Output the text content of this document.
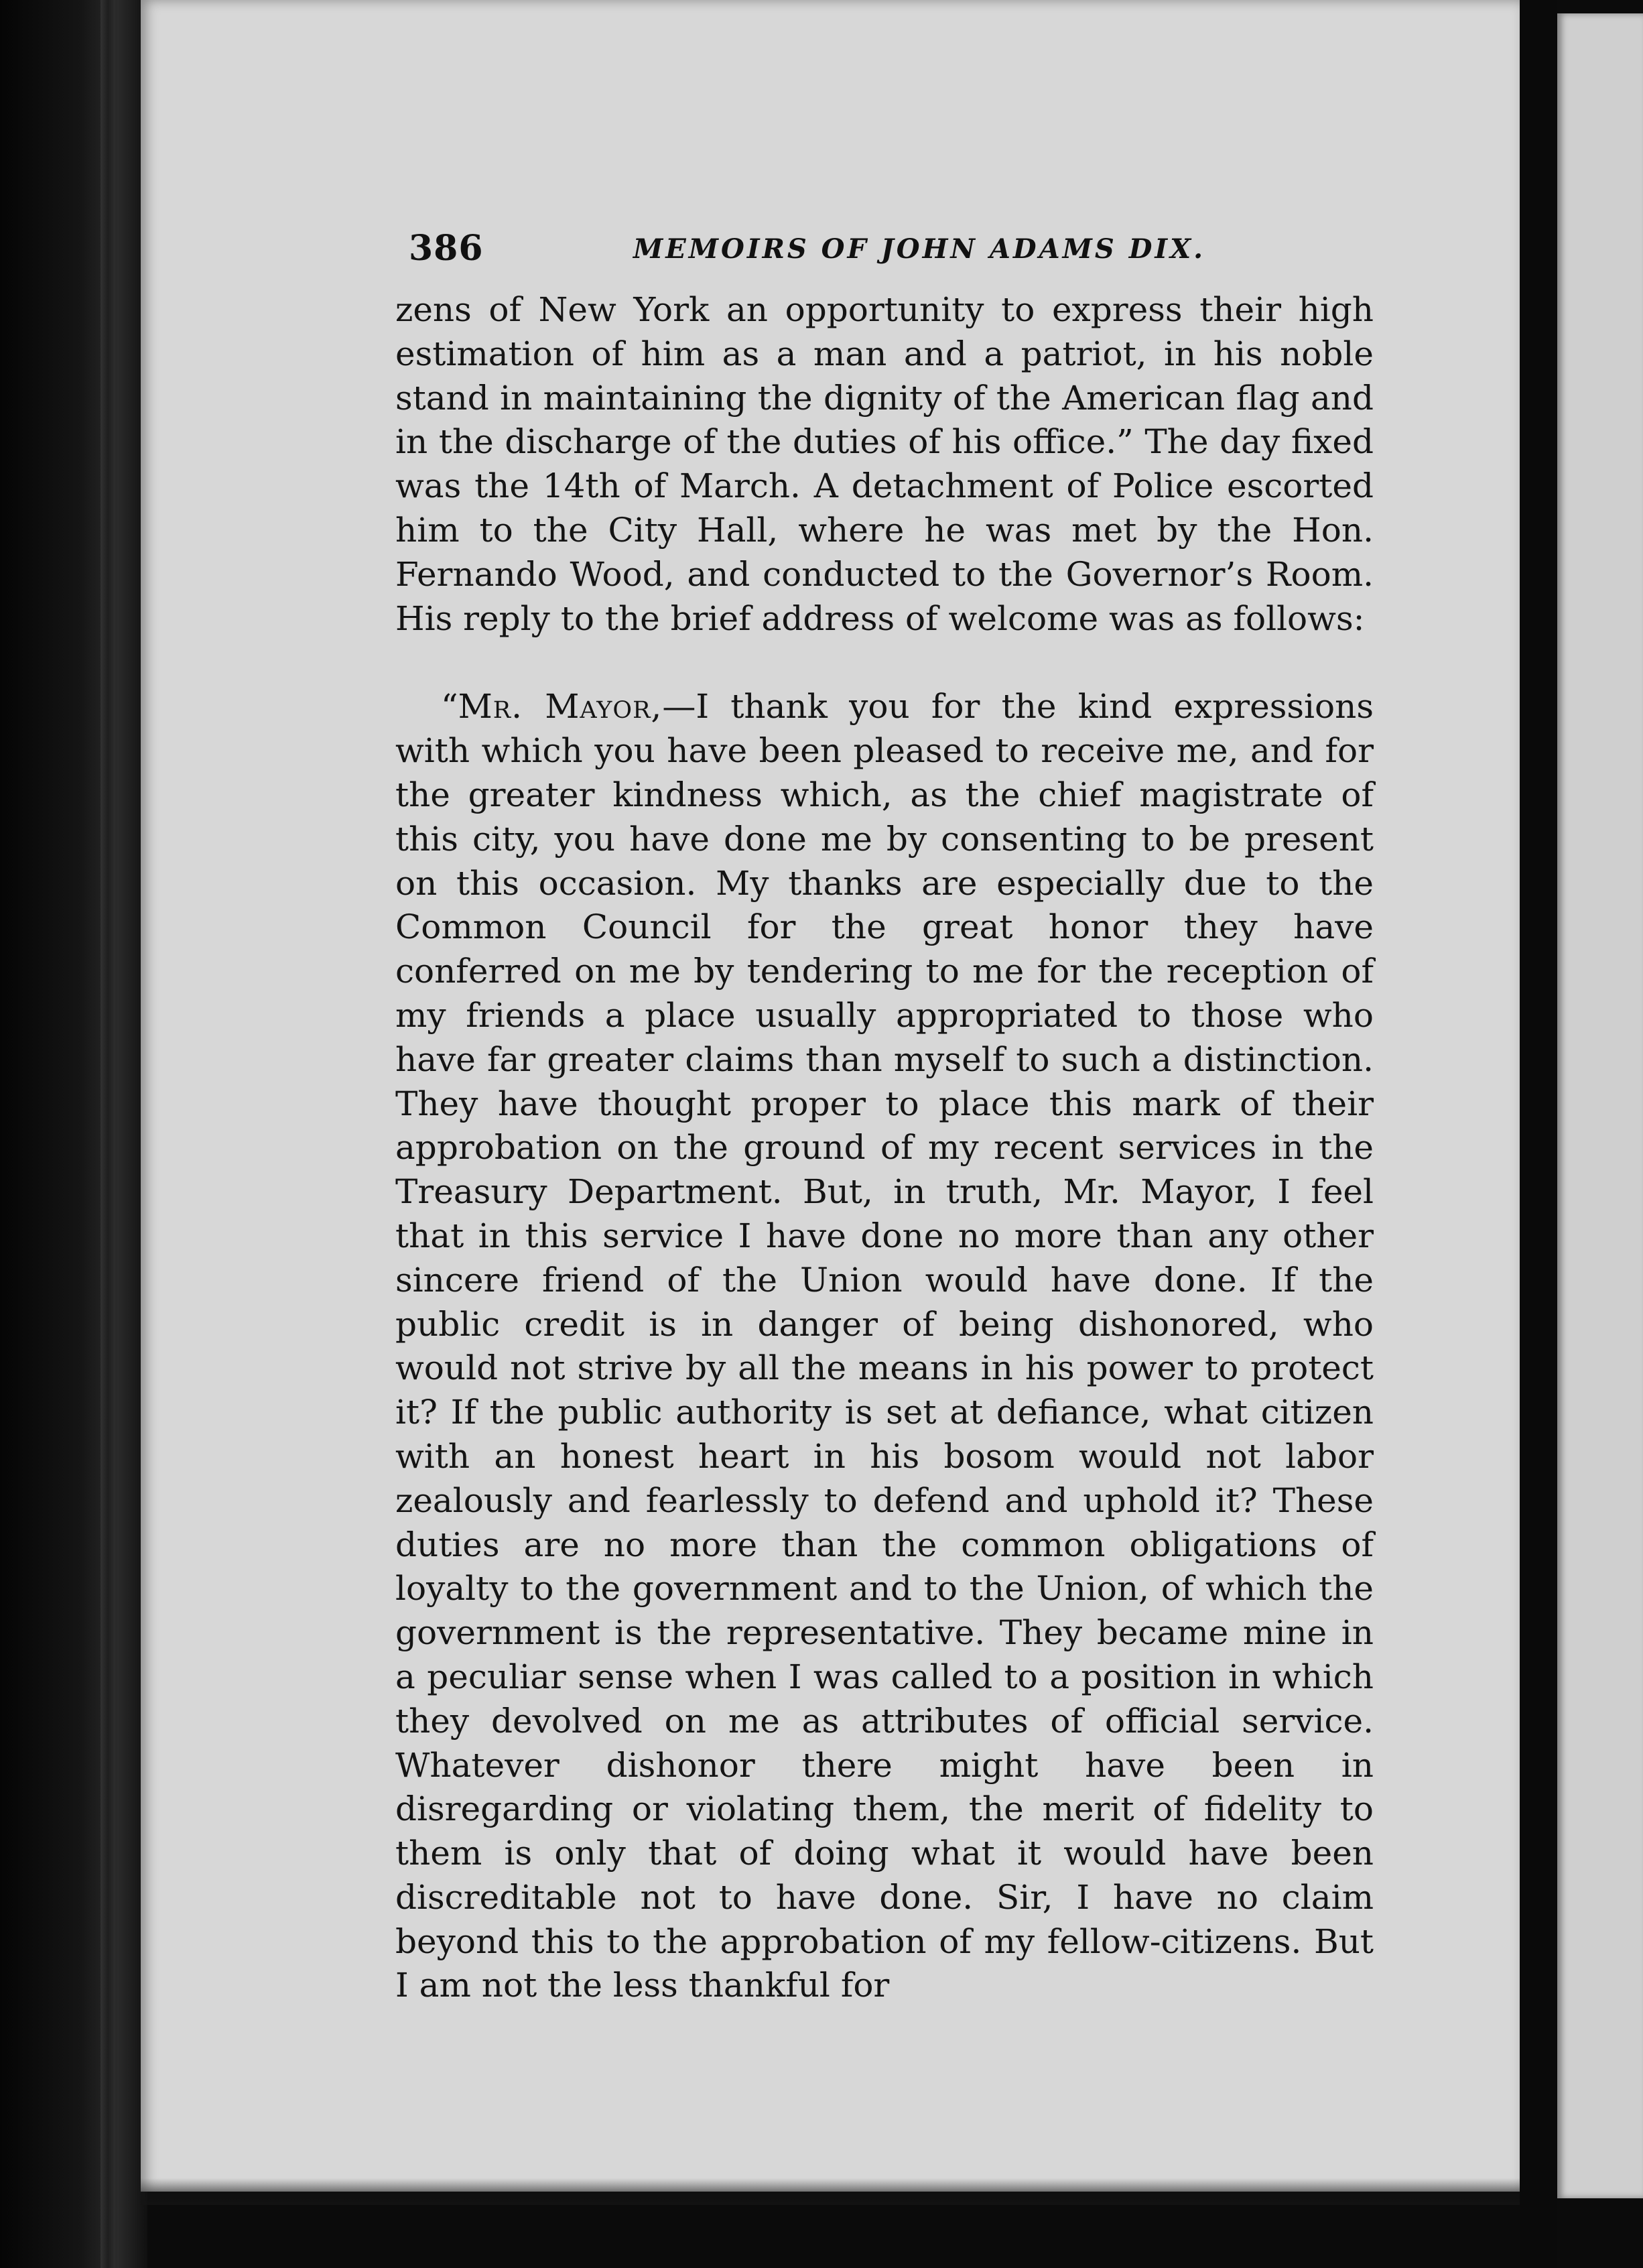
386	MEMOIRS OF JOHN ADAMS DIX.

zens of New York an opportunity to express their high estimation of him as a man and a patriot, in his noble stand in maintaining the dignity of the American flag and in the discharge of the duties of his office.” The day fixed was the 14th of March. A detachment of Police escorted him to the City Hall, where he was met by the Hon. Fernando Wood, and conducted to the Governor’s Room. His reply to the brief address of welcome was as follows:

“Mr. Mayor,—I thank you for the kind expressions with which you have been pleased to receive me, and for the greater kindness which, as the chief magistrate of this city, you have done me by consenting to be present on this occasion. My thanks are especially due to the Common Council for the great honor they have conferred on me by tendering to me for the reception of my friends a place usually appropriated to those who have far greater claims than myself to such a distinction. They have thought proper to place this mark of their approbation on the ground of my recent services in the Treasury Department. But, in truth, Mr. Mayor, I feel that in this service I have done no more than any other sincere friend of the Union would have done. If the public credit is in danger of being dishonored, who would not strive by all the means in his power to protect it? If the public authority is set at defiance, what citizen with an honest heart in his bosom would not labor zealously and fearlessly to defend and uphold it? These duties are no more than the common obligations of loyalty to the government and to the Union, of which the government is the representative. They became mine in a peculiar sense when I was called to a position in which they devolved on me as attributes of official service. Whatever dishonor there might have been in disregarding or violating them, the merit of fidelity to them is only that of doing what it would have been discreditable not to have done. Sir, I have no claim beyond this to the approbation of my fellow-citizens. But I am not the less thankful for
